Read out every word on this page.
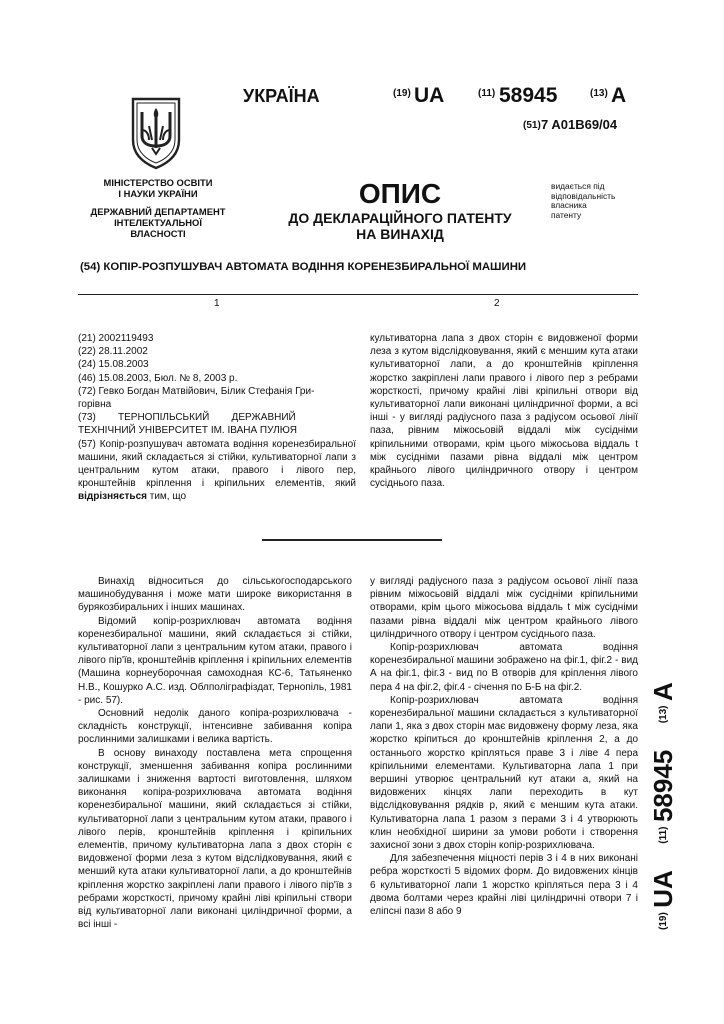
МІНІСТЕРСТВО ОСВІТИ
І НАУКИ УКРАЇНИ
ДЕРЖАВНИЙ ДЕПАРТАМЕНТ
ІНТЕЛЕКТУАЛЬНОЇ
ВЛАСНОСТІ
УКРАЇНА	(19) UA	(11) 58945	(13) A
(51) 7 A01B69/04
ОПИС
ДО ДЕКЛАРАЦІЙНОГО ПАТЕНТУ
НА ВИНАХІД
видається під
відповідальність
власника
патенту
(54) КОПІР-РОЗПУШУВАЧ АВТОМАТА ВОДІННЯ КОРЕНЕЗБИРАЛЬНОЇ МАШИНИ
1	2

(21) 2002119493

(22) 28.11.2002

(24) 15.08.2003

(46) 15.08.2003, Бюл. № 8, 2003 р.

(72) Гевко Богдан Матвійович, Білик Стефанія Гри-

горівна

(73)        ТЕРНОПІЛЬСЬКИЙ        ДЕРЖАВНИЙ

ТЕХНІЧНИЙ УНІВЕРСИТЕТ ІМ. ІВАНА ПУЛЮЯ

(57) Копір-розпушувач автомата водіння коренезбиральної машини, який складається зі стійки, культиваторної лапи з центральним кутом атаки, правого і лівого пер, кронштейнів кріплення і кріпильних елементів, який відрізняється тим, що

культиваторна лапа з двох сторін є видовженої форми леза з кутом відслідковування, який є меншим кута атаки культиваторної лапи, а до кронштейнів кріплення жорстко закріплені лапи правого і лівого пер з ребрами жорсткості, причому крайні ліві кріпильні отвори від культиваторної лапи виконані циліндричної форми, а всі інші - у вигляді радіусного паза з радіусом осьової лінії паза, рівним міжосьовій віддалі між сусідніми кріпильними отворами, крім цього міжосьова віддаль t між сусідніми пазами рівна віддалі між центром крайнього лівого циліндричного отвору і центром сусіднього паза.

Винахід відноситься до сільськогосподарського машинобудування і може мати широке використання в бурякозбиральних і інших машинах.

Відомий копір-розрихлювач автомата водіння коренезбиральної машини, який складається зі стійки, культиваторної лапи з центральним кутом атаки, правого і лівого пір'їв, кронштейнів кріплення і кріпильних елементів (Машина корнеуборочная самоходная КС-6, Татьяненко Н.В., Кошурко А.С. изд. Облполіграфіздат, Тернопіль, 1981 - рис. 57).

Основний недолік даного копіра-розрихлювача - складність конструкції, інтенсивне забивання копіра рослинними залишками і велика вартість.

В основу винаходу поставлена мета спрощення конструкції, зменшення забивання копіра рослинними залишками і зниження вартості виготовлення, шляхом виконання копіра-розрихлювача автомата водіння коренезбиральної машини, який складається зі стійки, культиваторної лапи з центральним кутом атаки, правого і лівого перів, кронштейнів кріплення і кріпильних елементів, причому культиваторна лапа з двох сторін є видовженої форми леза з кутом відслідковування, який є менший кута атаки культиваторної лапи, а до кронштейнів кріплення жорстко закріплені лапи правого і лівого пір'їв з ребрами жорсткості, причому крайні ліві кріпильні створи від культиваторної лапи виконані циліндричної форми, а всі інші -

у вигляді радіусного паза з радіусом осьової лінії паза рівним міжосьовій віддалі між сусідніми кріпильними отворами, крім цього міжосьова віддаль t між сусідніми пазами рівна віддалі між центром крайнього лівого циліндричного отвору і центром сусіднього паза.

Копір-розрихлювач автомата водіння коренезбиральної машини зображено на фіг.1, фіг.2 - вид А на фіг.1, фіг.3 - вид по В отворів для кріплення лівого пера 4 на фіг.2, фіг.4 - січення по Б-Б на фіг.2.

Копір-розрихлювач автомата водіння коренезбиральної машини складається з культиваторної лапи 1, яка з двох сторін має видовжену форму леза, яка жорстко кріпиться до кронштейнів кріплення 2, а до останнього жорстко кріпляться праве 3 і ліве 4 пера кріпильними елементами. Культиваторна лапа 1 при вершині утворює центральний кут атаки а, який на видовжених кінцях лапи переходить в кут відслідковування рядків р, який є меншим кута атаки. Культиваторна лапа 1 разом з перами 3 і 4 утворюють клин необхідної ширини за умови роботи і створення захисної зони з двох сторін копір-розрихлювача.

Для забезпечення міцності перів 3 і 4 в них виконані ребра жорсткості 5 відомих форм. До видовжених кінців 6 культиваторної лапи 1 жорстко кріпляться пера 3 і 4 двома болтами через крайні ліві циліндричні отвори 7 і еліпсні пази 8 або 9

(19) UA (11) 58945 (13) A
